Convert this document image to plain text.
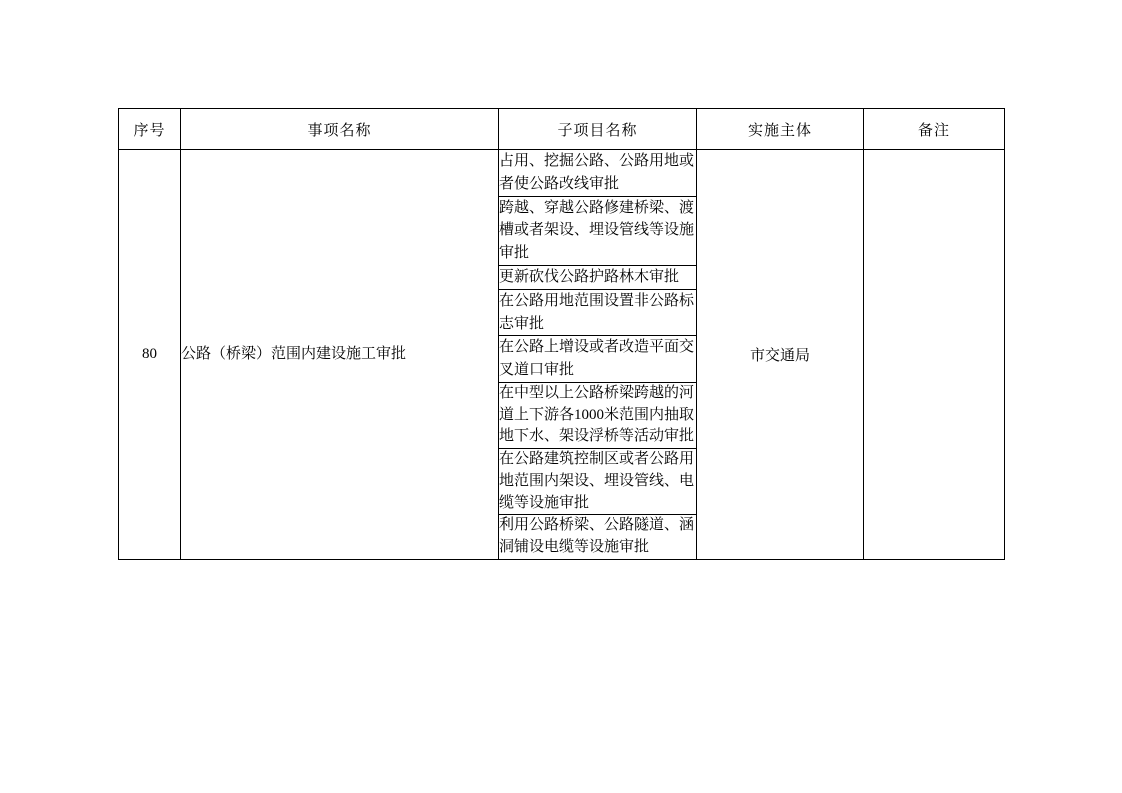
序号	事项名称	子项目名称	实施主体	备注
80	公路（桥梁）范围内建设施工审批	占用、挖掘公路、公路用地或者使公路改线审批	市交通局	
		跨越、穿越公路修建桥梁、渡槽或者架设、埋设管线等设施审批		
		更新砍伐公路护路林木审批		
		在公路用地范围设置非公路标志审批		
		在公路上增设或者改造平面交叉道口审批		
		在中型以上公路桥梁跨越的河道上下游各1000米范围内抽取地下水、架设浮桥等活动审批		
		在公路建筑控制区或者公路用地范围内架设、埋设管线、电缆等设施审批		
		利用公路桥梁、公路隧道、涵洞铺设电缆等设施审批		
